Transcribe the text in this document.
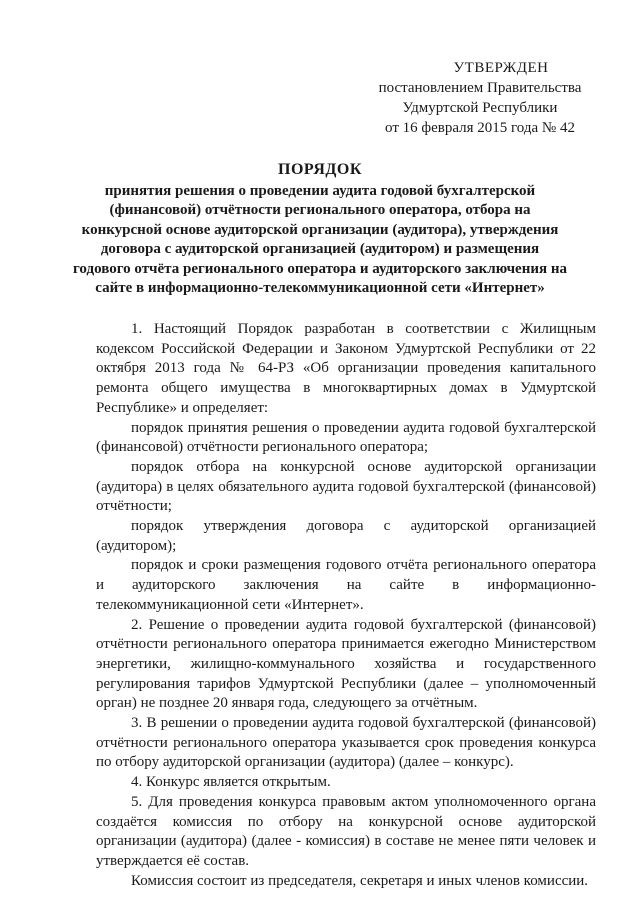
УТВЕРЖДЕН
постановлением Правительства
Удмуртской Республики
от 16 февраля 2015 года № 42
ПОРЯДОК
принятия решения о проведении аудита годовой бухгалтерской
(финансовой) отчётности регионального оператора, отбора на
конкурсной основе аудиторской организации (аудитора), утверждения
договора с аудиторской организацией (аудитором) и размещения
годового отчёта регионального оператора и аудиторского заключения на
сайте в информационно-телекоммуникационной сети «Интернет»

1. Настоящий Порядок разработан в соответствии с Жилищным кодексом Российской Федерации и Законом Удмуртской Республики от 22 октября 2013 года № 64-РЗ «Об организации проведения капитального ремонта общего имущества в многоквартирных домах в Удмуртской Республике» и определяет:

порядок принятия решения о проведении аудита годовой бухгалтерской (финансовой) отчётности регионального оператора;

порядок отбора на конкурсной основе аудиторской организации (аудитора) в целях обязательного аудита годовой бухгалтерской (финансовой) отчётности;

порядок утверждения договора с аудиторской организацией (аудитором);

порядок и сроки размещения годового отчёта регионального оператора и аудиторского заключения на сайте в информационно-телекоммуникационной сети «Интернет».

2. Решение о проведении аудита годовой бухгалтерской (финансовой) отчётности регионального оператора принимается ежегодно Министерством энергетики, жилищно-коммунального хозяйства и государственного регулирования тарифов Удмуртской Республики (далее – уполномоченный орган) не позднее 20 января года, следующего за отчётным.

3. В решении о проведении аудита годовой бухгалтерской (финансовой) отчётности регионального оператора указывается срок проведения конкурса по отбору аудиторской организации (аудитора) (далее – конкурс).

4. Конкурс является открытым.

5. Для проведения конкурса правовым актом уполномоченного органа создаётся комиссия по отбору на конкурсной основе аудиторской организации (аудитора) (далее - комиссия) в составе не менее пяти человек и утверждается её состав.

Комиссия состоит из председателя, секретаря и иных членов комиссии.
